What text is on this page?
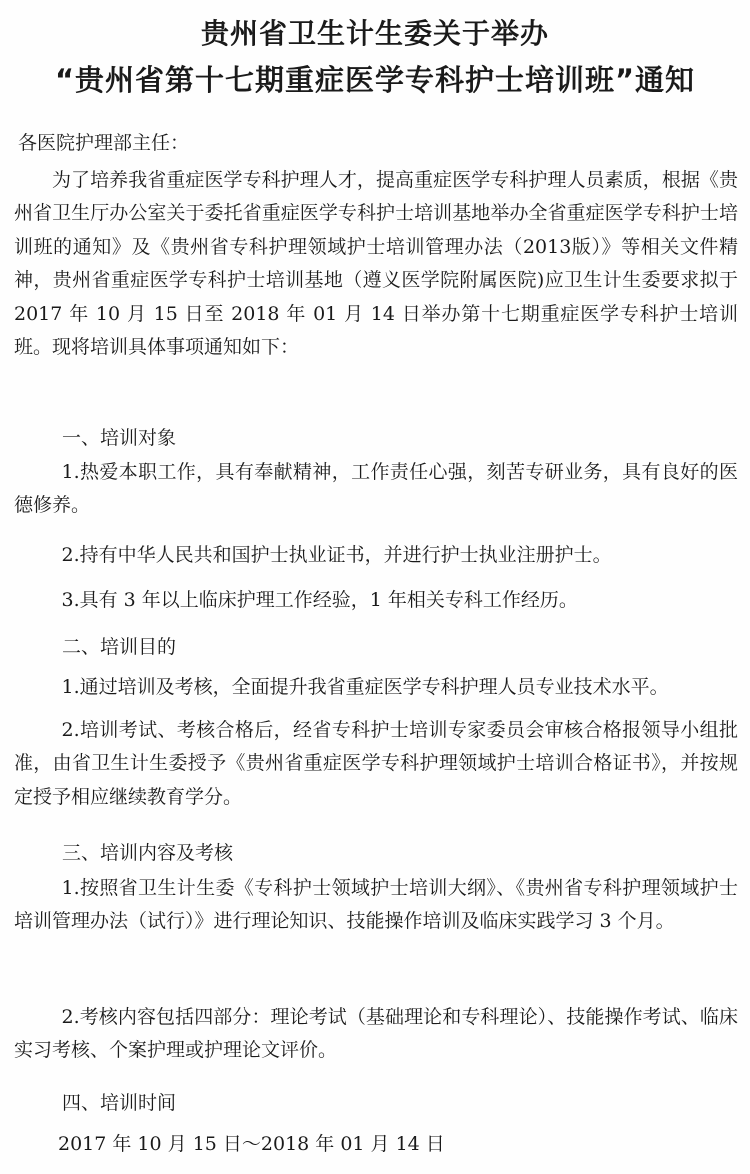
贵州省卫生计生委关于举办
“贵州省第十七期重症医学专科护士培训班”通知
各医院护理部主任：
为了培养我省重症医学专科护理人才，提高重症医学专科护理人员素质，根据《贵州省卫生厅办公室关于委托省重症医学专科护士培训基地举办全省重症医学专科护士培训班的通知》及《贵州省专科护理领域护士培训管理办法（2013版）》等相关文件精神，贵州省重症医学专科护士培训基地（遵义医学院附属医院)应卫生计生委要求拟于 2017 年 10 月 15 日至 2018 年 01 月 14 日举办第十七期重症医学专科护士培训班。现将培训具体事项通知如下：
一、培训对象
1.热爱本职工作，具有奉献精神，工作责任心强，刻苦专研业务，具有良好的医德修养。
2.持有中华人民共和国护士执业证书，并进行护士执业注册护士。
3.具有 3 年以上临床护理工作经验，1 年相关专科工作经历。
二、培训目的
1.通过培训及考核，全面提升我省重症医学专科护理人员专业技术水平。
2.培训考试、考核合格后，经省专科护士培训专家委员会审核合格报领导小组批准，由省卫生计生委授予《贵州省重症医学专科护理领域护士培训合格证书》，并按规定授予相应继续教育学分。
三、培训内容及考核
1.按照省卫生计生委《专科护士领域护士培训大纲》、《贵州省专科护理领域护士培训管理办法（试行）》进行理论知识、技能操作培训及临床实践学习 3 个月。
2.考核内容包括四部分：理论考试（基础理论和专科理论）、技能操作考试、临床实习考核、个案护理或护理论文评价。
四、培训时间
2017 年 10 月 15 日～2018 年 01 月 14 日
